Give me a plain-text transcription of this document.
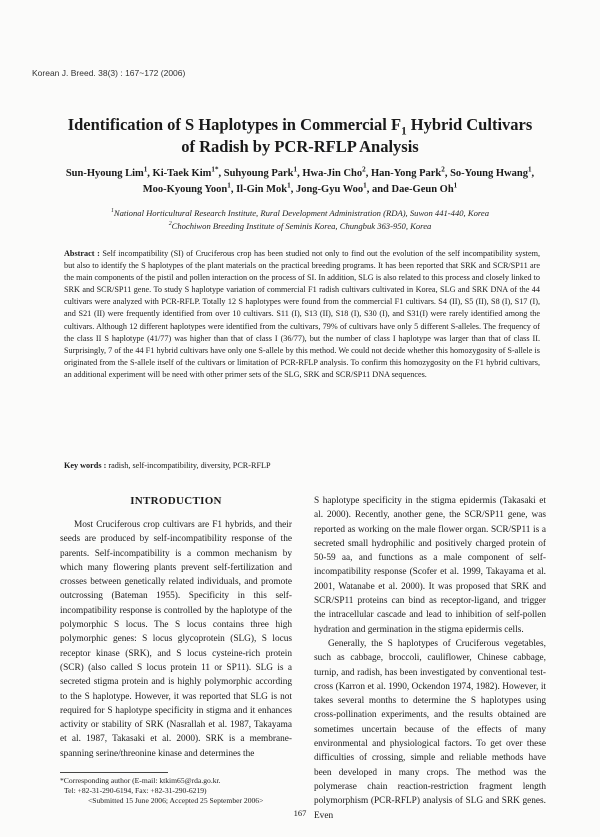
Korean J. Breed. 38(3) : 167~172 (2006)
Identification of S Haplotypes in Commercial $F_1$ Hybrid Cultivars
of Radish by PCR-RFLP Analysis
Sun-Hyoung Lim$^1$, Ki-Taek Kim$^{1*}$, Suhyoung Park$^1$, Hwa-Jin Cho$^2$, Han-Yong Park$^2$, So-Young Hwang$^1$,
Moo-Kyoung Yoon$^1$, Il-Gin Mok$^1$, Jong-Gyu Woo$^1$, and Dae-Geun Oh$^1$
$^1$National Horticultural Research Institute, Rural Development Administration (RDA), Suwon 441-440, Korea
$^2$Chochiwon Breeding Institute of Seminis Korea, Chungbuk 363-950, Korea
Abstract : Self incompatibility (SI) of Cruciferous crop has been studied not only to find out the evolution of the self incompatibility system, but also to identify the S haplotypes of the plant materials on the practical breeding programs. It has been reported that SRK and SCR/SP11 are the main components of the pistil and pollen interaction on the process of SI. In addition, SLG is also related to this process and closely linked to SRK and SCR/SP11 gene. To study S haplotype variation of commercial F1 radish cultivars cultivated in Korea, SLG and SRK DNA of the 44 cultivars were analyzed with PCR-RFLP. Totally 12 S haplotypes were found from the commercial F1 cultivars. S4 (II), S5 (II), S8 (I), S17 (I), and S21 (II) were frequently identified from over 10 cultivars. S11 (I), S13 (II), S18 (I), S30 (I), and S31(I) were rarely identified among the cultivars. Although 12 different haplotypes were identified from the cultivars, 79% of cultivars have only 5 different S-alleles. The frequency of the class II S haplotype (41/77) was higher than that of class I (36/77), but the number of class I haplotype was larger than that of class II. Surprisingly, 7 of the 44 F1 hybrid cultivars have only one S-allele by this method. We could not decide whether this homozygosity of S-allele is originated from the S-allele itself of the cultivars or limitation of PCR-RFLP analysis. To confirm this homozygosity on the F1 hybrid cultivars, an additional experiment will be need with other primer sets of the SLG, SRK and SCR/SP11 DNA sequences.
Key words : radish, self-incompatibility, diversity, PCR-RFLP
INTRODUCTION
Most Cruciferous crop cultivars are F1 hybrids, and their seeds are produced by self-incompatibility response of the parents. Self-incompatibility is a common mechanism by which many flowering plants prevent self-fertilization and crosses between genetically related individuals, and promote outcrossing (Bateman 1955). Specificity in this self-incompatibility response is controlled by the haplotype of the polymorphic S locus. The S locus contains three high polymorphic genes: S locus glycoprotein (SLG), S locus receptor kinase (SRK), and S locus cysteine-rich protein (SCR) (also called S locus protein 11 or SP11). SLG is a secreted stigma protein and is highly polymorphic according to the S haplotype. However, it was reported that SLG is not required for S haplotype specificity in stigma and it enhances activity or stability of SRK (Nasrallah et al. 1987, Takayama et al. 1987, Takasaki et al. 2000). SRK is a membrane-spanning serine/threonine kinase and determines the

S haplotype specificity in the stigma epidermis (Takasaki et al. 2000). Recently, another gene, the SCR/SP11 gene, was reported as working on the male flower organ. SCR/SP11 is a secreted small hydrophilic and positively charged protein of 50-59 aa, and functions as a male component of self-incompatibility response (Scofer et al. 1999, Takayama et al. 2001, Watanabe et al. 2000). It was proposed that SRK and SCR/SP11 proteins can bind as receptor-ligand, and trigger the intracellular cascade and lead to inhibition of self-pollen hydration and germination in the stigma epidermis cells.

Generally, the S haplotypes of Cruciferous vegetables, such as cabbage, broccoli, cauliflower, Chinese cabbage, turnip, and radish, has been investigated by conventional test-cross (Karron et al. 1990, Ockendon 1974, 1982). However, it takes several months to determine the S haplotypes using cross-pollination experiments, and the results obtained are sometimes uncertain because of the effects of many environmental and physiological factors. To get over these difficulties of crossing, simple and reliable methods have been developed in many crops. The method was the polymerase chain reaction-restriction fragment length polymorphism (PCR-RFLP) analysis of SLG and SRK genes. Even

*Corresponding author (E-mail: ktkim65@rda.go.kr.
Tel: +82-31-290-6194, Fax: +82-31-290-6219)
<Submitted 15 June 2006; Accepted 25 September 2006>
167
